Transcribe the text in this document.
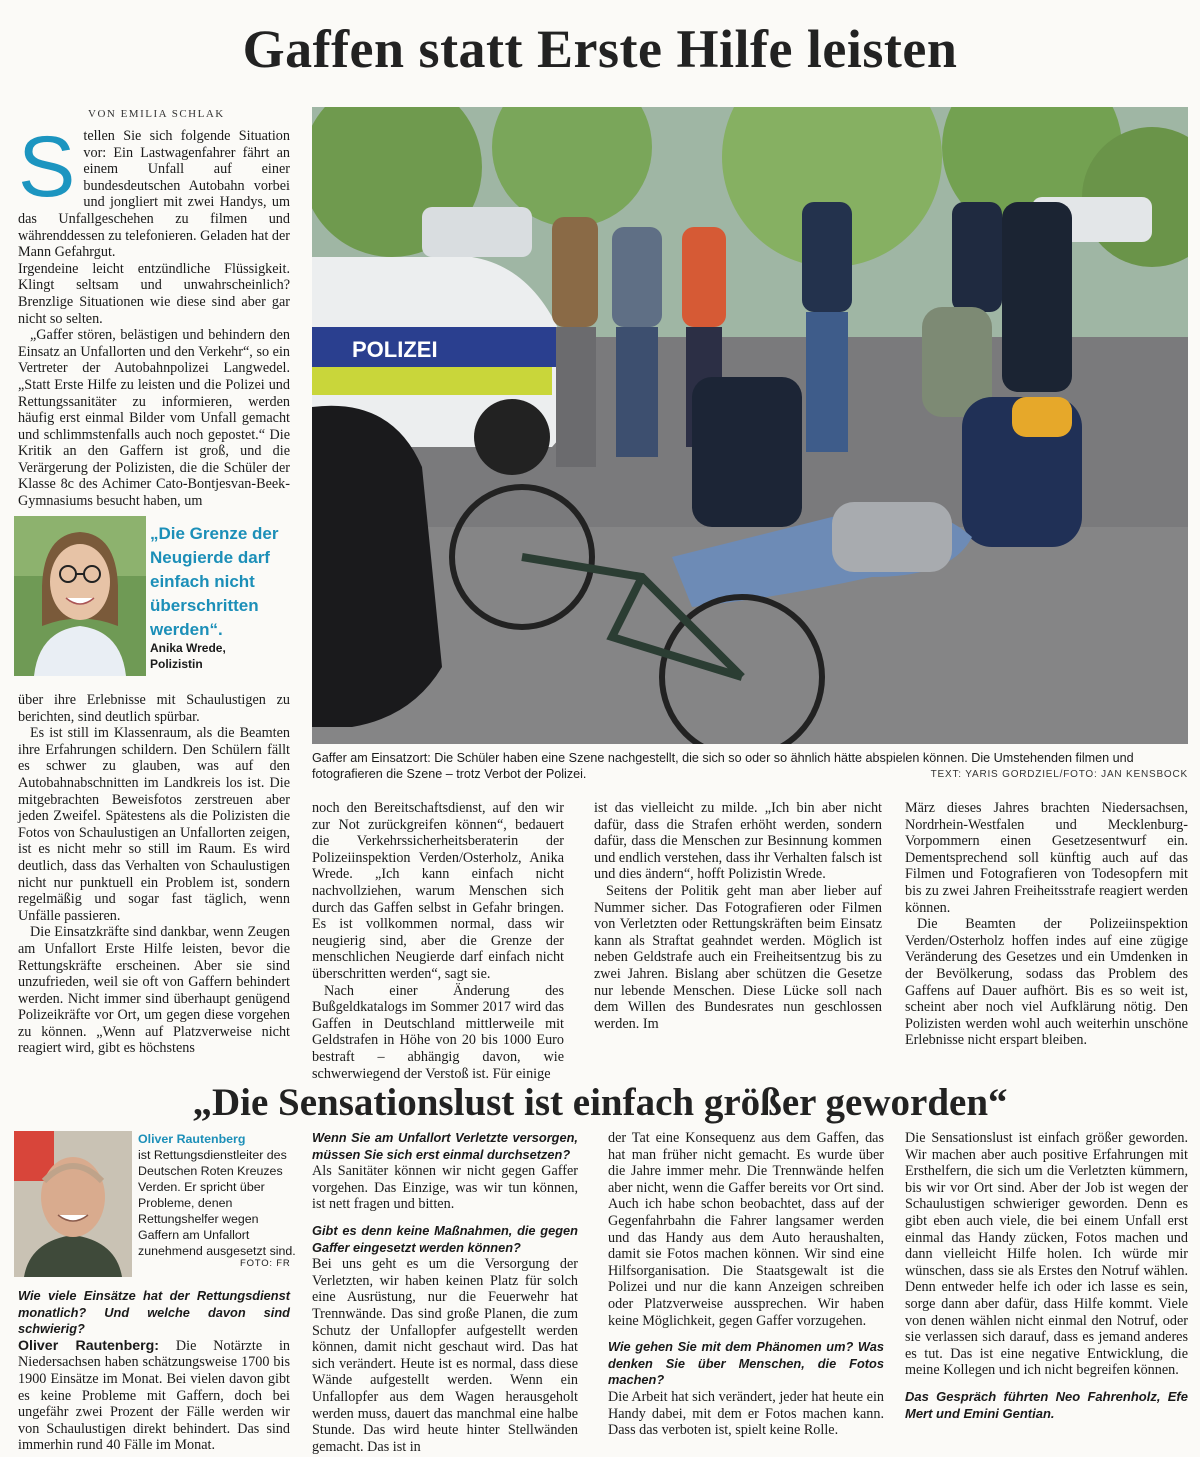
Gaffen statt Erste Hilfe leisten
VON EMILIA SCHLAK
S tellen Sie sich folgende Situation vor: Ein Lastwagenfahrer fährt an einem Unfall auf einer bundesdeutschen Autobahn vorbei und jongliert mit zwei Handys, um das Unfallgeschehen zu filmen und währenddessen zu telefonieren. Geladen hat der Mann Gefahrgut.

Irgendeine leicht entzündliche Flüssigkeit. Klingt seltsam und unwahrscheinlich? Brenzlige Situationen wie diese sind aber gar nicht so selten.

„Gaffer stören, belästigen und behindern den Einsatz an Unfallorten und den Verkehr“, so ein Vertreter der Autobahnpolizei Langwedel. „Statt Erste Hilfe zu leisten und die Polizei und Rettungssanitäter zu informieren, werden häufig erst einmal Bilder vom Unfall gemacht und schlimmstenfalls auch noch gepostet.“ Die Kritik an den Gaffern ist groß, und die Verärgerung der Polizisten, die die Schüler der Klasse 8c des Achimer Cato-Bontjesvan-Beek-Gymnasiums besucht haben, um

„Die Grenze der Neugierde darf einfach nicht überschritten werden“.
Anika Wrede,
Polizistin

über ihre Erlebnisse mit Schaulustigen zu berichten, sind deutlich spürbar.

Es ist still im Klassenraum, als die Beamten ihre Erfahrungen schildern. Den Schülern fällt es schwer zu glauben, was auf den Autobahnabschnitten im Landkreis los ist. Die mitgebrachten Beweisfotos zerstreuen aber jeden Zweifel. Spätestens als die Polizisten die Fotos von Schaulustigen an Unfallorten zeigen, ist es nicht mehr so still im Raum. Es wird deutlich, dass das Verhalten von Schaulustigen nicht nur punktuell ein Problem ist, sondern regelmäßig und sogar fast täglich, wenn Unfälle passieren.

Die Einsatzkräfte sind dankbar, wenn Zeugen am Unfallort Erste Hilfe leisten, bevor die Rettungskräfte erscheinen. Aber sie sind unzufrieden, weil sie oft von Gaffern behindert werden. Nicht immer sind überhaupt genügend Polizeikräfte vor Ort, um gegen diese vorgehen zu können. „Wenn auf Platzverweise nicht reagiert wird, gibt es höchstens

POLIZEI
Gaffer am Einsatzort: Die Schüler haben eine Szene nachgestellt, die sich so oder so ähnlich hätte abspielen können. Die Umstehenden filmen und fotografieren die Szene – trotz Verbot der Polizei.	TEXT: YARIS GORDZIEL/FOTO: JAN KENSBOCK

noch den Bereitschaftsdienst, auf den wir zur Not zurückgreifen können“, bedauert die Verkehrssicherheitsberaterin der Polizeiinspektion Verden/Osterholz, Anika Wrede. „Ich kann einfach nicht nachvollziehen, warum Menschen sich durch das Gaffen selbst in Gefahr bringen. Es ist vollkommen normal, dass wir neugierig sind, aber die Grenze der menschlichen Neugierde darf einfach nicht überschritten werden“, sagt sie.

Nach einer Änderung des Bußgeldkatalogs im Sommer 2017 wird das Gaffen in Deutschland mittlerweile mit Geldstrafen in Höhe von 20 bis 1000 Euro bestraft – abhängig davon, wie schwerwiegend der Verstoß ist. Für einige

ist das vielleicht zu milde. „Ich bin aber nicht dafür, dass die Strafen erhöht werden, sondern dafür, dass die Menschen zur Besinnung kommen und endlich verstehen, dass ihr Verhalten falsch ist und dies ändern“, hofft Polizistin Wrede.

Seitens der Politik geht man aber lieber auf Nummer sicher. Das Fotografieren oder Filmen von Verletzten oder Rettungskräften beim Einsatz kann als Straftat geahndet werden. Möglich ist neben Geldstrafe auch ein Freiheitsentzug bis zu zwei Jahren. Bislang aber schützen die Gesetze nur lebende Menschen. Diese Lücke soll nach dem Willen des Bundesrates nun geschlossen werden. Im

März dieses Jahres brachten Niedersachsen, Nordrhein-Westfalen und Mecklenburg-Vorpommern einen Gesetzesentwurf ein. Dementsprechend soll künftig auch auf das Filmen und Fotografieren von Todesopfern mit bis zu zwei Jahren Freiheitsstrafe reagiert werden können.

Die Beamten der Polizeiinspektion Verden/Osterholz hoffen indes auf eine zügige Veränderung des Gesetzes und ein Umdenken in der Bevölkerung, sodass das Problem des Gaffens auf Dauer aufhört. Bis es so weit ist, scheint aber noch viel Aufklärung nötig. Den Polizisten werden wohl auch weiterhin unschöne Erlebnisse nicht erspart bleiben.

„Die Sensationslust ist einfach größer geworden“
Oliver Rautenberg
ist Rettungsdienstleiter des Deutschen Roten Kreuzes Verden. Er spricht über Probleme, denen Rettungshelfer wegen Gaffern am Unfallort zunehmend ausgesetzt sind.
FOTO: FR

Wie viele Einsätze hat der Rettungsdienst monatlich? Und welche davon sind schwierig?

Oliver Rautenberg: Die Notärzte in Niedersachsen haben schätzungsweise 1700 bis 1900 Einsätze im Monat. Bei vielen davon gibt es keine Probleme mit Gaffern, doch bei ungefähr zwei Prozent der Fälle werden wir von Schaulustigen direkt behindert. Das sind immerhin rund 40 Fälle im Monat.

Wenn Sie am Unfallort Verletzte versorgen, müssen Sie sich erst einmal durchsetzen?

Als Sanitäter können wir nicht gegen Gaffer vorgehen. Das Einzige, was wir tun können, ist nett fragen und bitten.

Gibt es denn keine Maßnahmen, die gegen Gaffer eingesetzt werden können?

Bei uns geht es um die Versorgung der Verletzten, wir haben keinen Platz für solch eine Ausrüstung, nur die Feuerwehr hat Trennwände. Das sind große Planen, die zum Schutz der Unfallopfer aufgestellt werden können, damit nicht geschaut wird. Das hat sich verändert. Heute ist es normal, dass diese Wände aufgestellt werden. Wenn ein Unfallopfer aus dem Wagen herausgeholt werden muss, dauert das manchmal eine halbe Stunde. Das wird heute hinter Stellwänden gemacht. Das ist in

der Tat eine Konsequenz aus dem Gaffen, das hat man früher nicht gemacht. Es wurde über die Jahre immer mehr. Die Trennwände helfen aber nicht, wenn die Gaffer bereits vor Ort sind. Auch ich habe schon beobachtet, dass auf der Gegenfahrbahn die Fahrer langsamer werden und das Handy aus dem Auto heraushalten, damit sie Fotos machen können. Wir sind eine Hilfsorganisation. Die Staatsgewalt ist die Polizei und nur die kann Anzeigen schreiben oder Platzverweise aussprechen. Wir haben keine Möglichkeit, gegen Gaffer vorzugehen.

Wie gehen Sie mit dem Phänomen um? Was denken Sie über Menschen, die Fotos machen?

Die Arbeit hat sich verändert, jeder hat heute ein Handy dabei, mit dem er Fotos machen kann. Dass das verboten ist, spielt keine Rolle.

Die Sensationslust ist einfach größer geworden. Wir machen aber auch positive Erfahrungen mit Ersthelfern, die sich um die Verletzten kümmern, bis wir vor Ort sind. Aber der Job ist wegen der Schaulustigen schwieriger geworden. Denn es gibt eben auch viele, die bei einem Unfall erst einmal das Handy zücken, Fotos machen und dann vielleicht Hilfe holen. Ich würde mir wünschen, dass sie als Erstes den Notruf wählen. Denn entweder helfe ich oder ich lasse es sein, sorge dann aber dafür, dass Hilfe kommt. Viele von denen wählen nicht einmal den Notruf, oder sie verlassen sich darauf, dass es jemand anderes es tut. Das ist eine negative Entwicklung, die meine Kollegen und ich nicht begreifen können.

Das Gespräch führten Neo Fahrenholz, Efe Mert und Emini Gentian.
